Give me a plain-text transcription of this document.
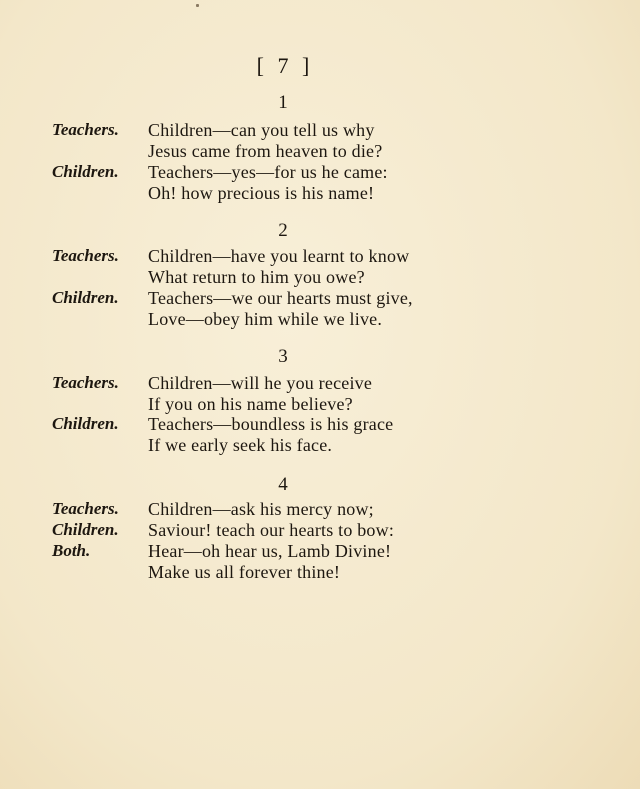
[ 7 ]
1
Teachers. Children—can you tell us why
Jesus came from heaven to die?
Children. Teachers—yes—for us he came:
Oh! how precious is his name!
2
Teachers. Children—have you learnt to know
What return to him you owe?
Children. Teachers—we our hearts must give,
Love—obey him while we live.
3
Teachers. Children—will he you receive
If you on his name believe?
Children. Teachers—boundless is his grace
If we early seek his face.
4
Teachers. Children—ask his mercy now;
Children. Saviour! teach our hearts to bow:
Both.	Hear—oh hear us, Lamb Divine!
Make us all forever thine!
